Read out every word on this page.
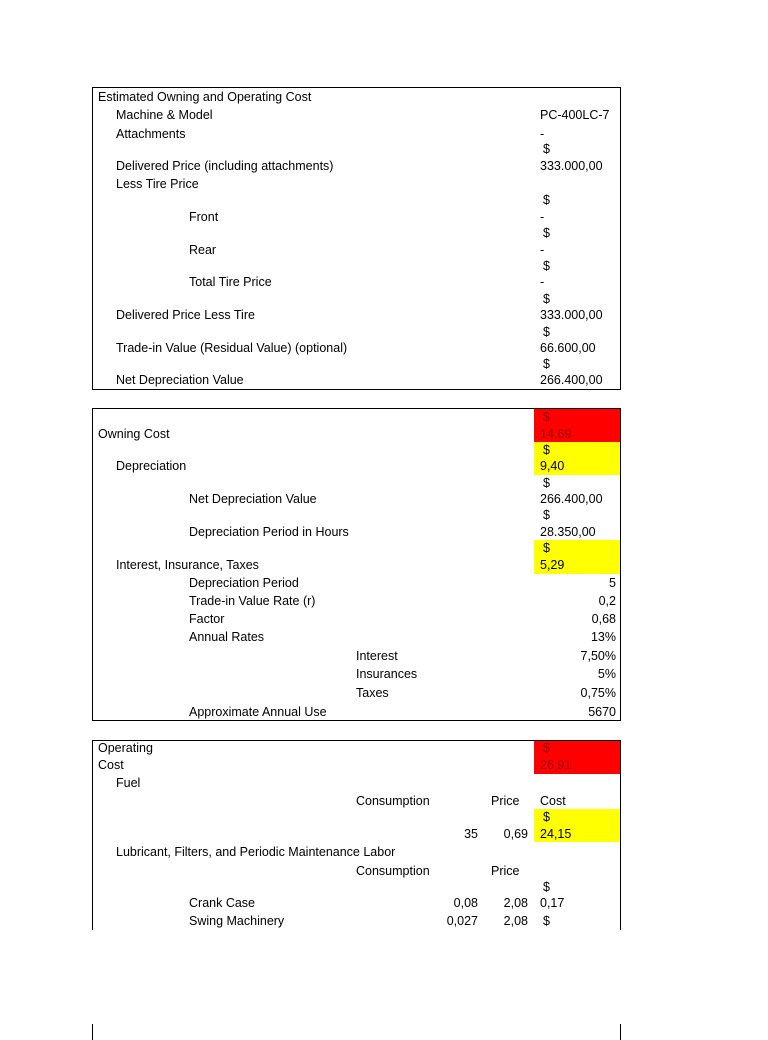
Estimated Owning and Operating Cost
Machine & Model	PC-400LC-7
Attachments	-
$
Delivered Price (including attachments)	333.000,00
Less Tire Price
$
Front	-
$
Rear	-
$
Total Tire Price	-
$
Delivered Price Less Tire	333.000,00
$
Trade-in Value (Residual Value) (optional)	66.600,00
$
Net Depreciation Value	266.400,00
$
Owning Cost	14,69
$
Depreciation	9,40
$
Net Depreciation Value	266.400,00
$
Depreciation Period in Hours	28.350,00
$
Interest, Insurance, Taxes	5,29
Depreciation Period	5
Trade-in Value Rate (r)	0,2
Factor	0,68
Annual Rates	13%
Interest	7,50%
Insurances	5%
Taxes	0,75%
Approximate Annual Use	5670
Operating	$
Cost	26,91
Fuel
Consumption	Price Cost
$
35	0,69 24,15
Lubricant, Filters, and Periodic Maintenance Labor
Consumption	Price
$
Crank Case	0,08	2,08 0,17
Swing Machinery	0,027	2,08 $
